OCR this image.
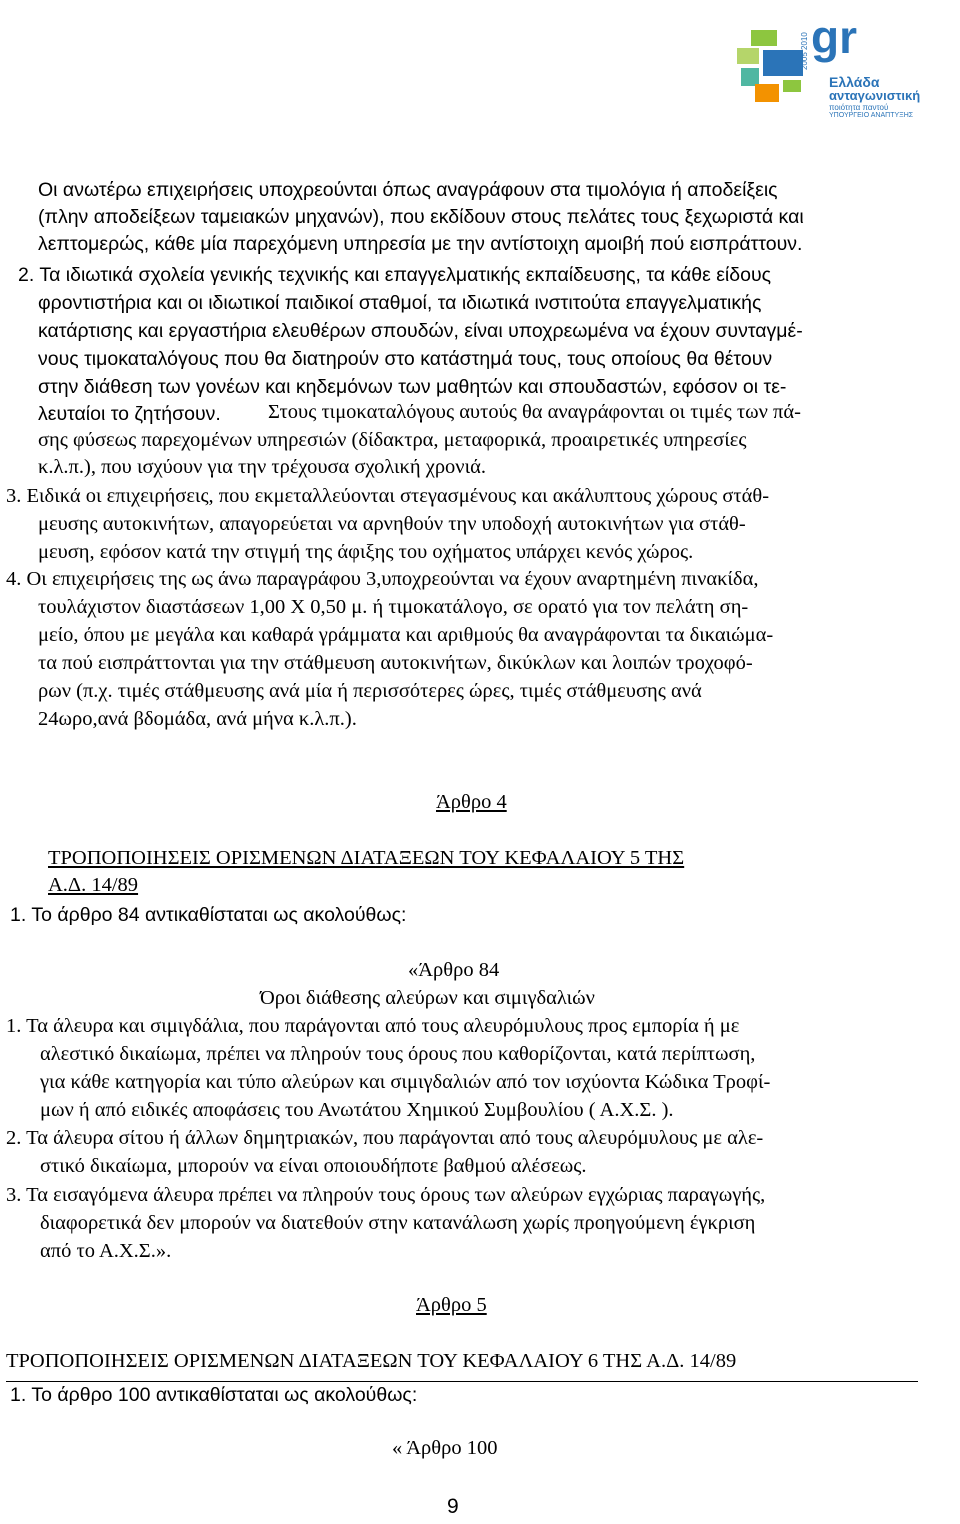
gr
2005 2010
Ελλάδα
ανταγωνιστική
ποιότητα παντού
ΥΠΟΥΡΓΕΙΟ ΑΝΑΠΤΥΞΗΣ
Οι ανωτέρω επιχειρήσεις υποχρεούνται όπως αναγράφουν στα τιμολόγια ή αποδείξεις
(πλην αποδείξεων ταμειακών μηχανών), που εκδίδουν στους πελάτες τους ξεχωριστά και
λεπτομερώς, κάθε μία παρεχόμενη υπηρεσία με την αντίστοιχη αμοιβή πού εισπράττουν.
2. Τα ιδιωτικά σχολεία γενικής τεχνικής και επαγγελματικής εκπαίδευσης, τα κάθε είδους
φροντιστήρια και οι ιδιωτικοί παιδικοί σταθμοί, τα ιδιωτικά ινστιτούτα επαγγελματικής
κατάρτισης και εργαστήρια ελευθέρων σπουδών, είναι υποχρεωμένα να έχουν συνταγμέ-
νους τιμοκαταλόγους που θα διατηρούν στο κατάστημά τους, τους οποίους θα θέτουν
στην διάθεση των γονέων και κηδεμόνων των μαθητών και σπουδαστών, εφόσον οι τε-
λευταίοι το ζητήσουν. Στους τιμοκαταλόγους αυτούς θα αναγράφονται οι τιμές των πά-
σης φύσεως παρεχομένων υπηρεσιών (δίδακτρα, μεταφορικά, προαιρετικές υπηρεσίες
κ.λ.π.), που ισχύουν για την τρέχουσα σχολική χρονιά.
3. Ειδικά οι επιχειρήσεις, που εκμεταλλεύονται στεγασμένους και ακάλυπτους χώρους στάθ-
μευσης αυτοκινήτων, απαγορεύεται να αρνηθούν την υποδοχή αυτοκινήτων για στάθ-
μευση, εφόσον κατά την στιγμή της άφιξης του οχήματος υπάρχει κενός χώρος.
4. Οι επιχειρήσεις της ως άνω παραγράφου 3,υποχρεούνται να έχουν αναρτημένη πινακίδα,
τουλάχιστον διαστάσεων 1,00 Χ 0,50 μ. ή τιμοκατάλογο, σε ορατό για τον πελάτη ση-
μείο, όπου με μεγάλα και καθαρά γράμματα και αριθμούς θα αναγράφονται τα δικαιώμα-
τα πού εισπράττονται για την στάθμευση αυτοκινήτων, δικύκλων και λοιπών τροχοφό-
ρων (π.χ. τιμές στάθμευσης ανά μία ή περισσότερες ώρες, τιμές στάθμευσης ανά
24ωρο,ανά βδομάδα, ανά μήνα κ.λ.π.).
Άρθρο 4
ΤΡΟΠΟΠΟΙΗΣΕΙΣ ΟΡΙΣΜΕΝΩΝ ΔΙΑΤΑΞΕΩΝ ΤΟΥ ΚΕΦΑΛΑΙΟΥ 5 ΤΗΣ
Α.Δ. 14/89
1. Το άρθρο 84 αντικαθίσταται ως ακολούθως:
«Άρθρο 84
Όροι διάθεσης αλεύρων και σιμιγδαλιών
1. Τα άλευρα και σιμιγδάλια, που παράγονται από τους αλευρόμυλους προς εμπορία ή με
αλεστικό δικαίωμα, πρέπει να πληρούν τους όρους που καθορίζονται, κατά περίπτωση,
για κάθε κατηγορία και τύπο αλεύρων και σιμιγδαλιών από τον ισχύοντα Κώδικα Τροφί-
μων ή από ειδικές αποφάσεις του Ανωτάτου Χημικού Συμβουλίου ( Α.Χ.Σ. ).
2. Τα άλευρα σίτου ή άλλων δημητριακών, που παράγονται από τους αλευρόμυλους με αλε-
στικό δικαίωμα, μπορούν να είναι οποιουδήποτε βαθμού αλέσεως.
3. Τα εισαγόμενα άλευρα πρέπει να πληρούν τους όρους των αλεύρων εγχώριας παραγωγής,
διαφορετικά δεν μπορούν να διατεθούν στην κατανάλωση χωρίς προηγούμενη έγκριση
από το Α.Χ.Σ.».
Άρθρο 5
ΤΡΟΠΟΠΟΙΗΣΕΙΣ ΟΡΙΣΜΕΝΩΝ ΔΙΑΤΑΞΕΩΝ ΤΟΥ ΚΕΦΑΛΑΙΟΥ 6 ΤΗΣ Α.Δ. 14/89
1. Το άρθρο 100 αντικαθίσταται ως ακολούθως:
« Άρθρο 100
9
